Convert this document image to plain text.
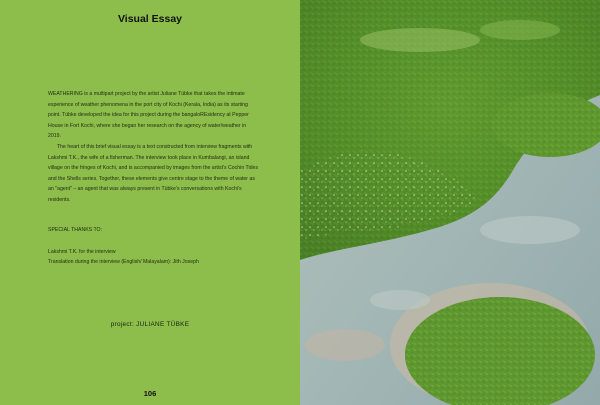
Visual Essay

WEATHERING is a multipart project by the artist Juliane Tübke that takes the intimate experience of weather phenomena in the port city of Kochi (Kerala, India) as its starting point. Tübke developed the idea for this project during the bangaloREsidency at Pepper House in Fort Kochi, where she began her research on the agency of water/weather in 2019.

The heart of this brief visual essay is a text constructed from interview fragments with Lakshmi T.K., the wife of a fisherman. The interview took place in Kumbalangi, an island village on the fringes of Kochi, and is accompanied by images from the artist's Cochin Tides and the Shells series. Together, these elements give centre stage to the theme of water as an "agent" – an agent that was always present in Tübke's conversations with Kochi's residents.

SPECIAL THANKS TO:
Lakshmi T.K. for the interview
Translation during the interview (English/ Malayalam): Jith Joseph
project: JULIANE TÜBKE
106
